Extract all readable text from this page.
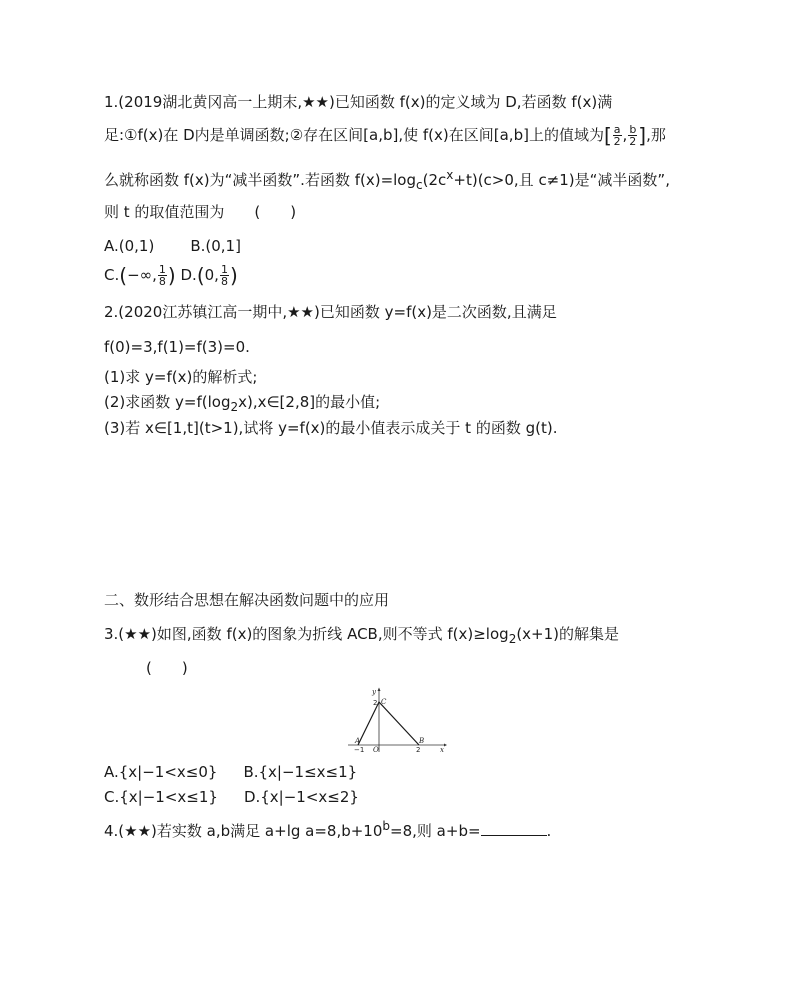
1.(2019湖北黄冈高一上期末,★★)已知函数 f(x)的定义域为 D,若函数 f(x)满
足:①f(x)在 D内是单调函数;②存在区间[a,b],使 f(x)在区间[a,b]上的值域为[ $\frac{a}{2}$ , $\frac{b}{2}$ ],那
么就称函数 f(x)为“减半函数”.若函数 $f(x)=\log_c(2c^x+t)(c>0$,且 c≠1)是“减半函数”,
则 t 的取值范围为　　(　　)
A.(0,1) B.(0,1]
C.(−∞, $\frac{1}{8}$ ) D.(0, $\frac{1}{8}$ )
2.(2020江苏镇江高一期中,★★)已知函数 y=f(x)是二次函数,且满足
f(0)=3,f(1)=f(3)=0.
(1)求 y=f(x)的解析式;
(2)求函数 $y=f(\log_2x),x\in[2,8]$的最小值;
(3)若 x∈[1,t](t>1),试将 y=f(x)的最小值表示成关于 t 的函数 g(t).
二、数形结合思想在解决函数问题中的应用
3.(★★)如图,函数 f(x)的图象为折线 ACB,则不等式 $f(x)\ge\log_2(x+1)$的解集是
(　　)
y
x
C
2
A	B
O
−1	2
A.{x|−1<x≤0} B.{x|−1≤x≤1}
C.{x|−1<x≤1} D.{x|−1<x≤2}
4.(★★)若实数 a,b满足 a+lg $a=8,b+10^b=8$,则 a+b=	.
